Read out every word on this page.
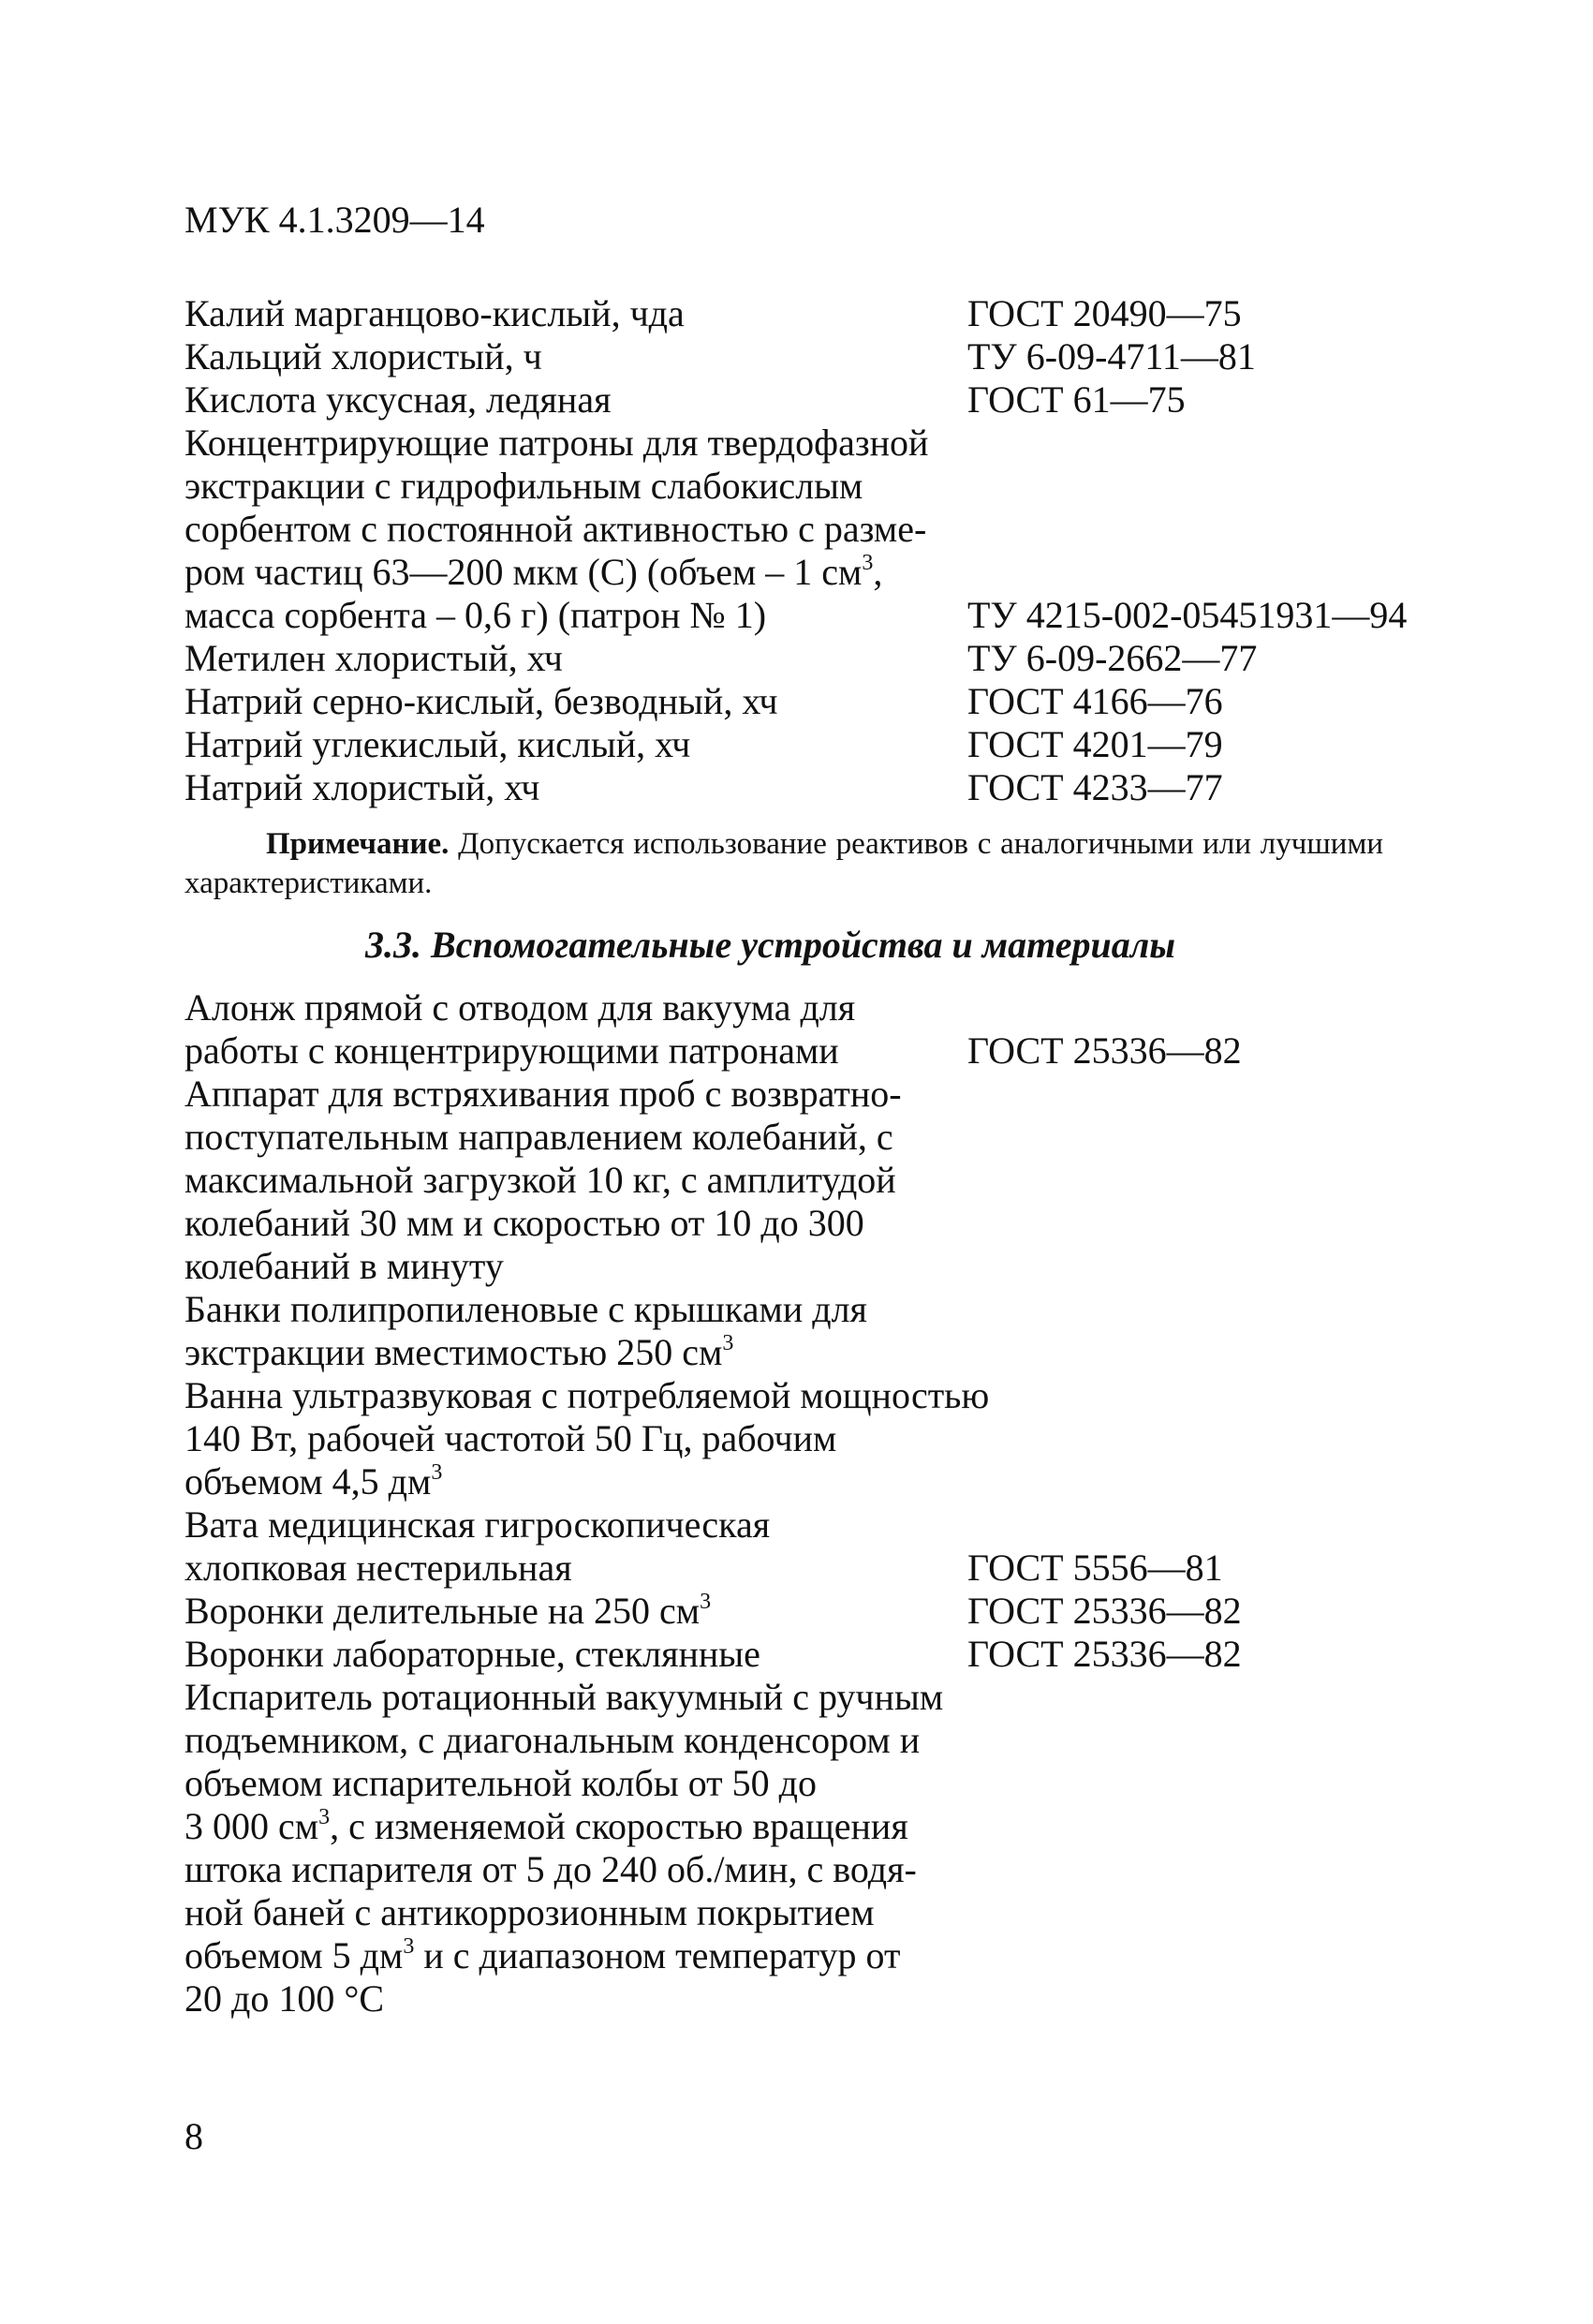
МУК 4.1.3209—14
Калий марганцово-кислый, чда	ГОСТ 20490—75
Кальций хлористый, ч	ТУ 6-09-4711—81
Кислота уксусная, ледяная	ГОСТ 61—75
Концентрирующие патроны для твердофазной
экстракции с гидрофильным слабокислым
сорбентом с постоянной активностью с разме-
ром частиц 63—200 мкм (С) (объем – 1 $см^3$,
масса сорбента – 0,6 г) (патрон № 1)	ТУ 4215-002-05451931—94
Метилен хлористый, хч	ТУ 6-09-2662—77
Натрий серно-кислый, безводный, хч	ГОСТ 4166—76
Натрий углекислый, кислый, хч	ГОСТ 4201—79
Натрий хлористый, хч	ГОСТ 4233—77
Примечание. Допускается использование реактивов с аналогичными или лучшими характеристиками.
3.3. Вспомогательные устройства и материалы
Алонж прямой с отводом для вакуума для
работы с концентрирующими патронами	ГОСТ 25336—82
Аппарат для встряхивания проб с возвратно-
поступательным направлением колебаний, с
максимальной загрузкой 10 кг, с амплитудой
колебаний 30 мм и скоростью от 10 до 300
колебаний в минуту
Банки полипропиленовые с крышками для
экстракции вместимостью 250 $см^3$
Ванна ультразвуковая с потребляемой мощностью
140 Вт, рабочей частотой 50 Гц, рабочим
объемом 4,5 $дм^3$
Вата медицинская гигроскопическая
хлопковая нестерильная	ГОСТ 5556—81
Воронки делительные на 250 $см^3$	ГОСТ 25336—82
Воронки лабораторные, стеклянные	ГОСТ 25336—82
Испаритель ротационный вакуумный с ручным
подъемником, с диагональным конденсором и
объемом испарительной колбы от 50 до
3 000 $см^3$, с изменяемой скоростью вращения
штока испарителя от 5 до 240 об./мин, с водя-
ной баней с антикоррозионным покрытием
объемом 5 $дм^3$ и с диапазоном температур от
20 до 100 °С
8
